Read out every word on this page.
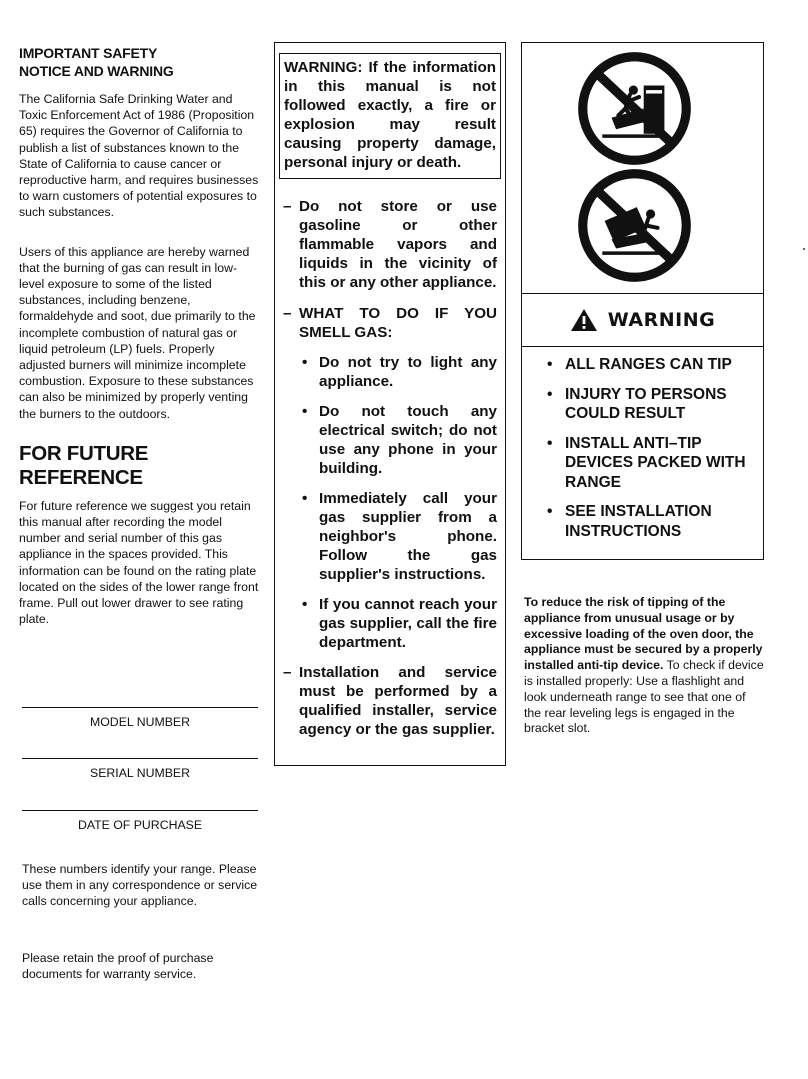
IMPORTANT SAFETY
NOTICE AND WARNING

The California Safe Drinking Water and Toxic Enforcement Act of 1986 (Proposition 65) requires the Governor of California to publish a list of substances known to the State of California to cause cancer or reproductive harm, and requires businesses to warn customers of potential exposures to such substances.

Users of this appliance are hereby warned that the burning of gas can result in low-level exposure to some of the listed substances, including benzene, formaldehyde and soot, due primarily to the incomplete combustion of natural gas or liquid petroleum (LP) fuels. Properly adjusted burners will minimize incomplete combustion. Exposure to these substances can also be minimized by properly venting the burners to the outdoors.

FOR FUTURE REFERENCE

For future reference we suggest you retain this manual after recording the model number and serial number of this gas appliance in the spaces provided. This information can be found on the rating plate located on the sides of the lower range front frame. Pull out lower drawer to see rating plate.

MODEL NUMBER
SERIAL NUMBER
DATE OF PURCHASE

These numbers identify your range. Please use them in any correspondence or service calls concerning your appliance.

Please retain the proof of purchase documents for warranty service.

WARNING: If the information in this manual is not followed exactly, a fire or explosion may result causing property damage, personal injury or death.
– Do not store or use gasoline or other flammable vapors and liquids in the vicinity of this or any other appliance.
– WHAT TO DO IF YOU SMELL GAS:
• Do not try to light any appliance.
• Do not touch any electrical switch; do not use any phone in your building.
• Immediately call your gas supplier from a neighbor's phone. Follow the gas supplier's instructions.
• If you cannot reach your gas supplier, call the fire department.
– Installation and service must be performed by a qualified installer, service agency or the gas supplier.
WARNING
• ALL RANGES CAN TIP
• INJURY TO PERSONS COULD RESULT
• INSTALL ANTI–TIP DEVICES PACKED WITH RANGE
• SEE INSTALLATION INSTRUCTIONS

To reduce the risk of tipping of the appliance from unusual usage or by excessive loading of the oven door, the appliance must be secured by a properly installed anti-tip device. To check if device is installed properly: Use a flashlight and look underneath range to see that one of the rear leveling legs is engaged in the bracket slot.
